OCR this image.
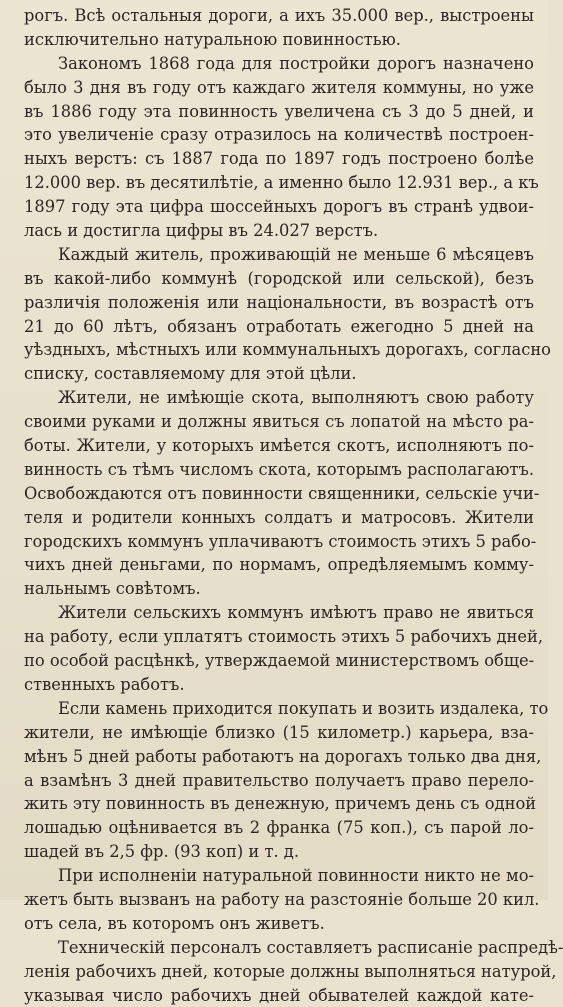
рогъ. Всѣ остальныя дороги, а ихъ 35.000 вер., выстроены
исключительно натуральною повинностью.
Закономъ 1868 года для постройки дорогъ назначено
было 3 дня въ году отъ каждаго жителя коммуны, но уже
въ 1886 году эта повинность увеличена съ 3 до 5 дней, и
это увеличеніе сразу отразилось на количествѣ построен-
ныхъ верстъ: съ 1887 года по 1897 годъ построено болѣе
12.000 вер. въ десятилѣтіе, а именно было 12.931 вер., а къ
1897 году эта цифра шоссейныхъ дорогъ въ странѣ удвои-
лась и достигла цифры въ 24.027 верстъ.
Каждый житель, проживающій не меньше 6 мѣсяцевъ
въ какой-либо коммунѣ (городской или сельской), безъ
различія положенія или національности, въ возрастѣ отъ
21 до 60 лѣтъ, обязанъ отработать ежегодно 5 дней на
уѣздныхъ, мѣстныхъ или коммунальныхъ дорогахъ, согласно
списку, составляемому для этой цѣли.
Жители, не имѣющіе скота, выполняютъ свою работу
своими руками и должны явиться съ лопатой на мѣсто ра-
боты. Жители, у которыхъ имѣется скотъ, исполняютъ по-
винность съ тѣмъ числомъ скота, которымъ располагаютъ.
Освобождаются отъ повинности священники, сельскіе учи-
теля и родители конныхъ солдатъ и матросовъ. Жители
городскихъ коммунъ уплачиваютъ стоимость этихъ 5 рабо-
чихъ дней деньгами, по нормамъ, опредѣляемымъ комму-
нальнымъ совѣтомъ.
Жители сельскихъ коммунъ имѣютъ право не явиться
на работу, если уплатятъ стоимость этихъ 5 рабочихъ дней,
по особой расцѣнкѣ, утверждаемой министерствомъ обще-
ственныхъ работъ.
Если камень приходится покупать и возить издалека, то
жители, не имѣющіе близко (15 километр.) карьера, вза-
мѣнъ 5 дней работы работаютъ на дорогахъ только два дня,
а взамѣнъ 3 дней правительство получаетъ право перело-
жить эту повинность въ денежную, причемъ день съ одной
лошадью оцѣнивается въ 2 франка (75 коп.), съ парой ло-
шадей въ 2,5 фр. (93 коп) и т. д.
При исполненіи натуральной повинности никто не мо-
жетъ быть вызванъ на работу на разстояніе больше 20 кил.
отъ села, въ которомъ онъ живетъ.
Техническій персоналъ составляетъ расписаніе распредѣ-
ленія рабочихъ дней, которые должны выполняться натурой,
указывая число рабочихъ дней обывателей каждой кате-
